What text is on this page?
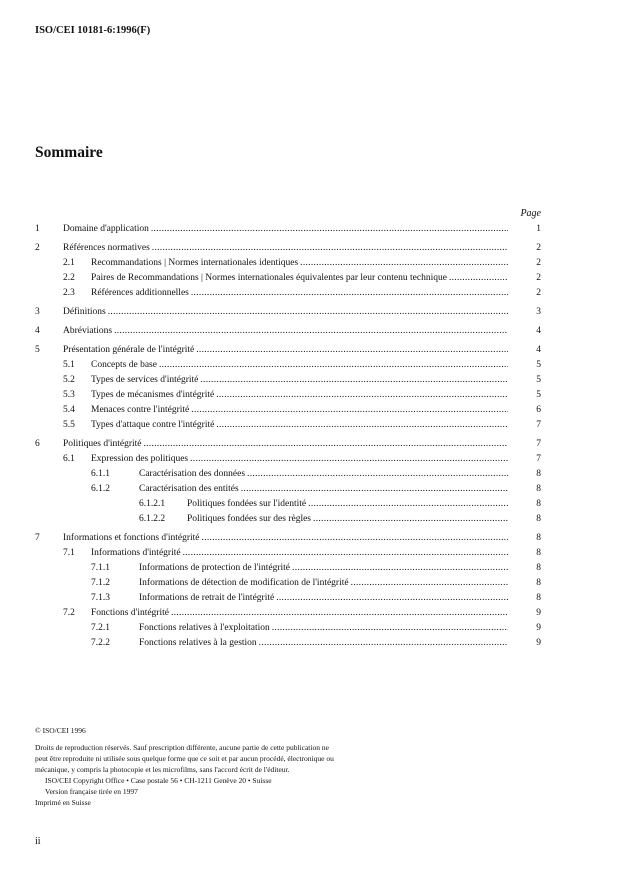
ISO/CEI 10181-6:1996(F)
Sommaire
Page
1 Domaine d'application .....	1
2 Références normatives .....	2
2.1 Recommandations | Normes internationales identiques .....	2
2.2 Paires de Recommandations | Normes internationales équivalentes par leur contenu technique .....	2
2.3 Références additionnelles .....	2
3 Définitions .....	3
4 Abréviations .....	4
5 Présentation générale de l'intégrité .....	4
5.1 Concepts de base .....	5
5.2 Types de services d'intégrité .....	5
5.3 Types de mécanismes d'intégrité .....	5
5.4 Menaces contre l'intégrité .....	6
5.5 Types d'attaque contre l'intégrité .....	7
6 Politiques d'intégrité .....	7
6.1 Expression des politiques .....	7
6.1.1	Caractérisation des données .....	8
6.1.2	Caractérisation des entités .....	8
6.1.2.1 Politiques fondées sur l'identité .....	8
6.1.2.2 Politiques fondées sur des règles .....	8
7 Informations et fonctions d'intégrité .....	8
7.1 Informations d'intégrité .....	8
7.1.1	Informations de protection de l'intégrité .....	8
7.1.2	Informations de détection de modification de l'intégrité .....	8
7.1.3	Informations de retrait de l'intégrité .....	8
7.2 Fonctions d'intégrité .....	9
7.2.1	Fonctions relatives à l'exploitation .....	9
7.2.2	Fonctions relatives à la gestion .....	9
© ISO/CEI 1996
Droits de reproduction réservés. Sauf prescription différente, aucune partie de cette publication ne
peut être reproduite ni utilisée sous quelque forme que ce soit et par aucun procédé, électronique ou
mécanique, y compris la photocopie et les microfilms, sans l'accord écrit de l'éditeur.
ISO/CEI Copyright Office • Case postale 56 • CH-1211 Genève 20 • Suisse
Version française tirée en 1997
Imprimé en Suisse
ii
